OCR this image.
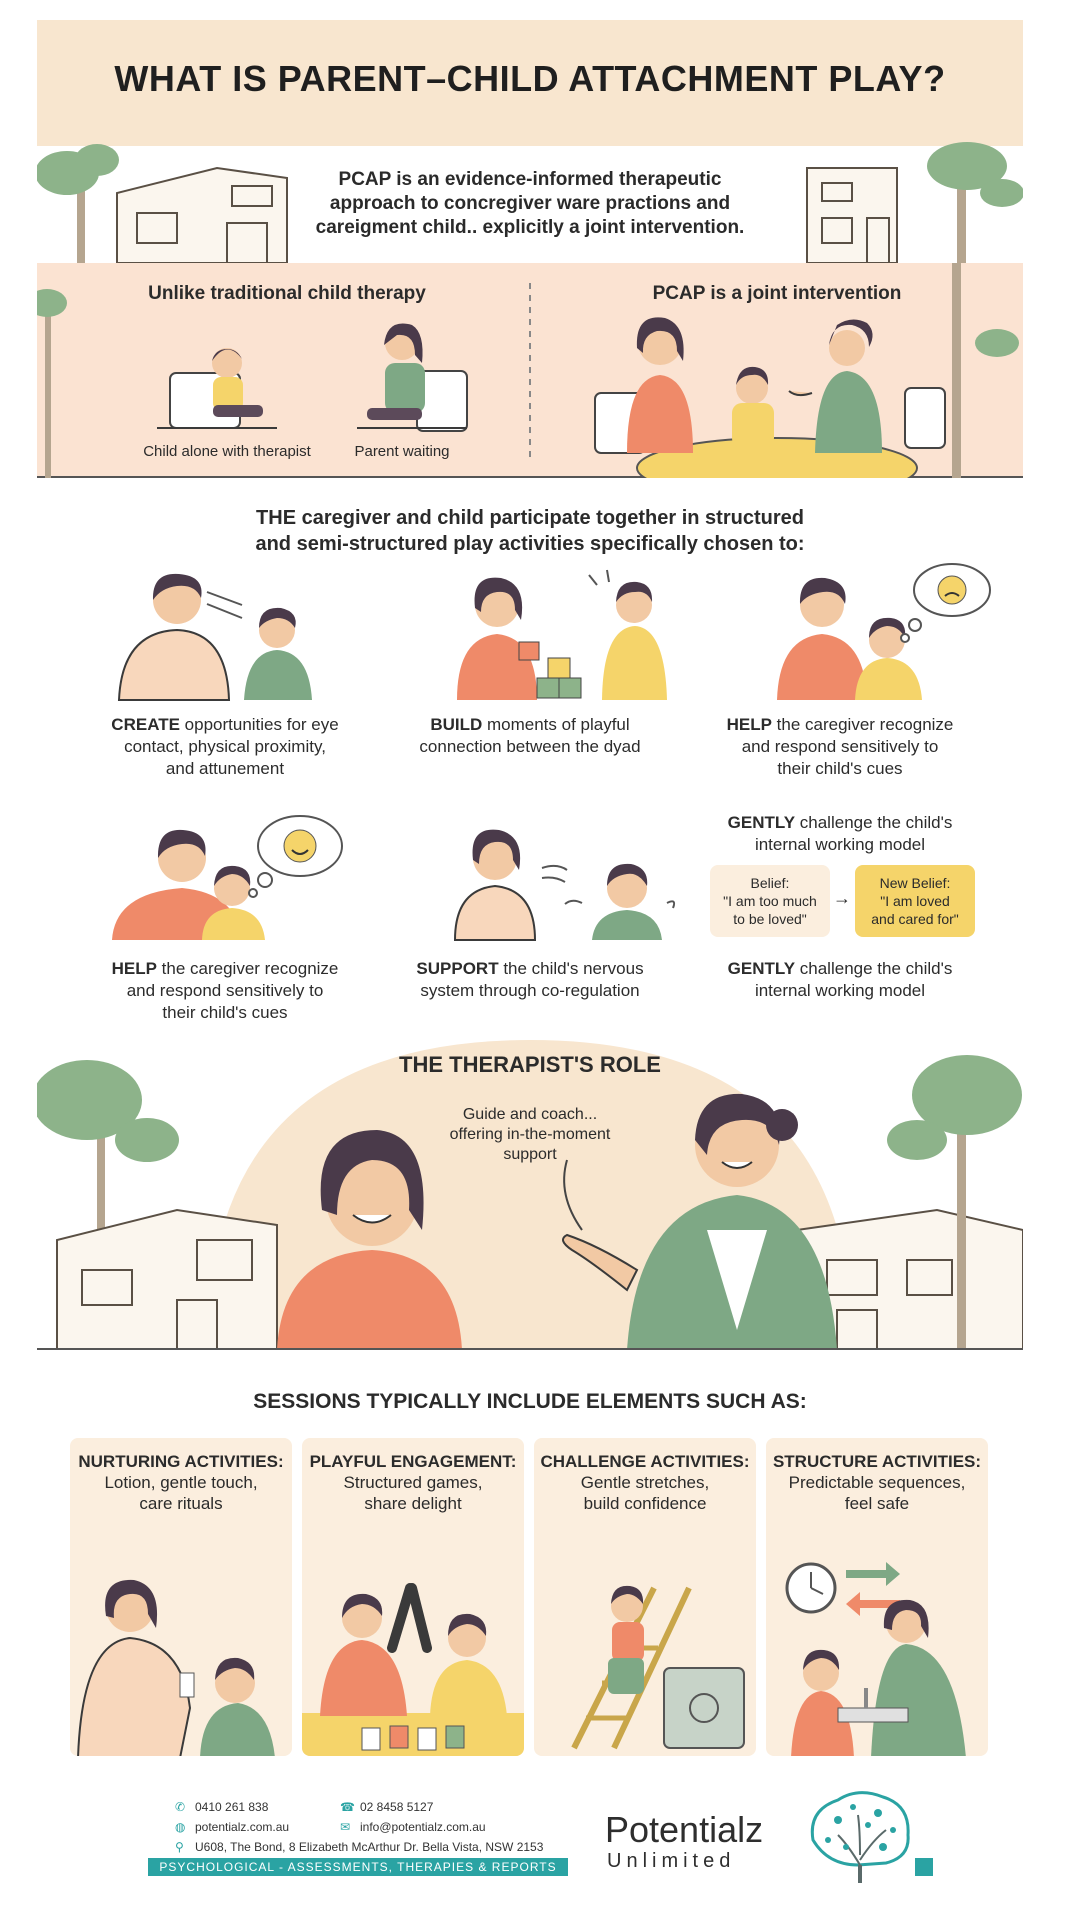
WHAT IS PARENT–CHILD ATTACHMENT PLAY?
PCAP is an evidence-informed therapeutic
approach to concregiver ware practions and
careigment child.. explicitly a joint intervention.
Unlike traditional child therapy	PCAP is a joint intervention
Child alone with therapist	Parent waiting
THE caregiver and child participate together in structured
and semi-structured play activities specifically chosen to:
CREATE opportunities for eye
contact, physical proximity,
and attunement
BUILD moments of playful
connection between the dyad
HELP the caregiver recognize
and respond sensitively to
their child's cues
GENTLY challenge the child's
internal working model
Belief:
"I am too much
to be loved"
→
New Belief:
"I am loved
and cared for"
HELP the caregiver recognize
and respond sensitively to
their child's cues
SUPPORT the child's nervous
system through co-regulation
GENTLY challenge the child's
internal working model
THE THERAPIST'S ROLE
Guide and coach...
offering in-the-moment
support
SESSIONS TYPICALLY INCLUDE ELEMENTS SUCH AS:
NURTURING ACTIVITIES:
Lotion, gentle touch,
care rituals
PLAYFUL ENGAGEMENT:
Structured games,
share delight
CHALLENGE ACTIVITIES:
Gentle stretches,
build confidence
STRUCTURE ACTIVITIES:
Predictable sequences,
feel safe
✆ 0410 261 838	☎ 02 8458 5127
◍ potentialz.com.au	✉ info@potentialz.com.au
⚲ U608, The Bond, 8 Elizabeth McArthur Dr. Bella Vista, NSW 2153
PSYCHOLOGICAL - ASSESSMENTS, THERAPIES & REPORTS
Potentialz
Unlimited
